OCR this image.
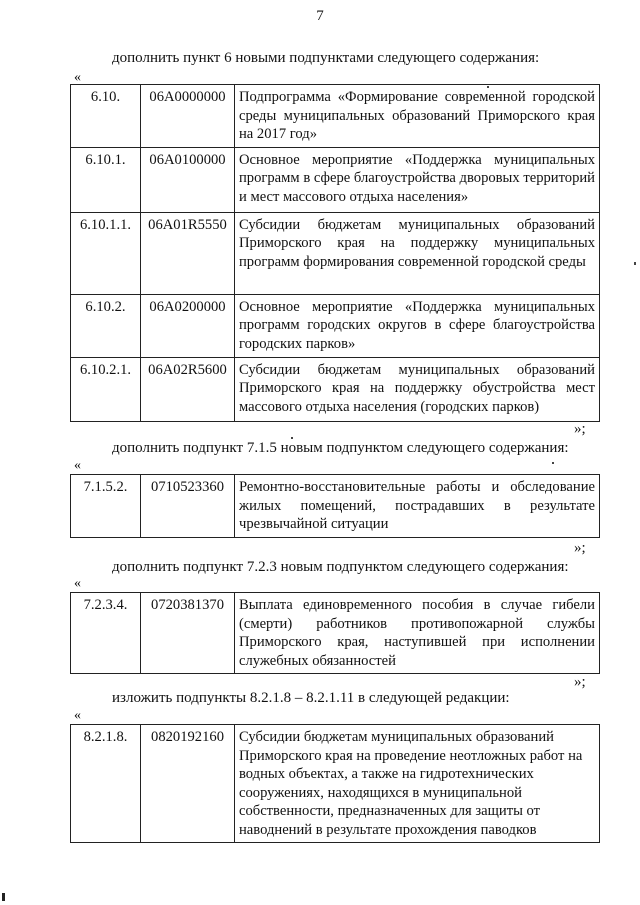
7
дополнить пункт 6 новыми подпунктами следующего содержания:
«
6.10.	06А0000000	Подпрограмма «Формирование современной городской среды муниципальных образований Приморского края на 2017 год»
6.10.1.	06А0100000	Основное мероприятие «Поддержка муниципальных программ в сфере благоустройства дворовых территорий и мест массового отдыха населения»
6.10.1.1.	06А01R5550	Субсидии бюджетам муниципальных образований Приморского края на поддержку муниципальных программ формирования современной городской среды
6.10.2.	06А0200000	Основное мероприятие «Поддержка муниципальных программ городских округов в сфере благоустройства городских парков»
6.10.2.1.	06А02R5600	Субсидии бюджетам муниципальных образований Приморского края на поддержку обустройства мест массового отдыха населения (городских парков)
»;
дополнить подпункт 7.1.5 новым подпунктом следующего содержания:
«
7.1.5.2.	0710523360	Ремонтно-восстановительные работы и обследование жилых помещений, пострадавших в результате чрезвычайной ситуации
»;
дополнить подпункт 7.2.3 новым подпунктом следующего содержания:
«
7.2.3.4.	0720381370	Выплата единовременного пособия в случае гибели (смерти) работников противопожарной службы Приморского края, наступившей при исполнении служебных обязанностей
»;
изложить подпункты 8.2.1.8 – 8.2.1.11 в следующей редакции:
«
8.2.1.8.	0820192160	Субсидии бюджетам муниципальных образований Приморского края на проведение неотложных работ на водных объектах, а также на гидротехнических сооружениях, находящихся в муниципальной собственности, предназначенных для защиты от наводнений в результате прохождения паводков
